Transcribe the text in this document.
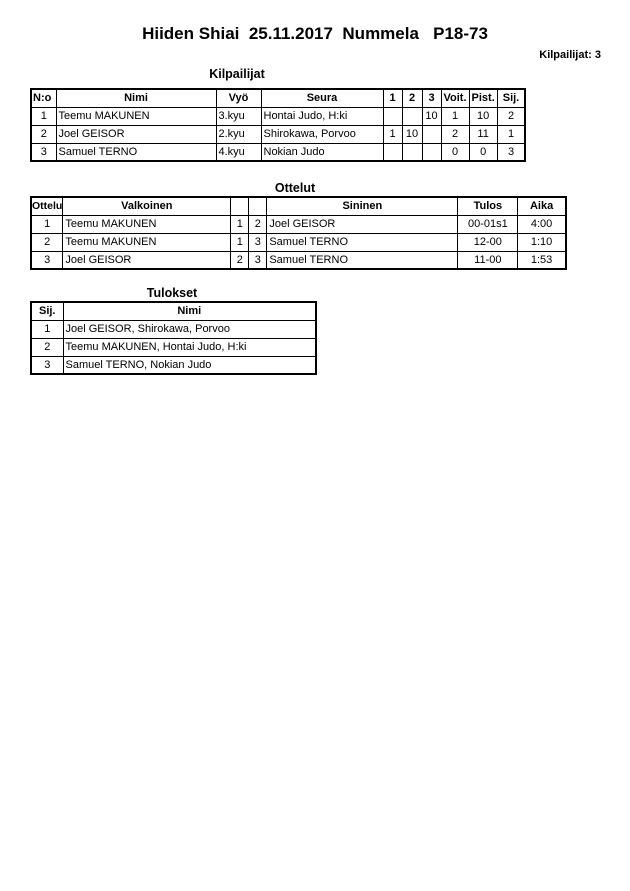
Hiiden Shiai  25.11.2017  Nummela   P18-73
Kilpailijat: 3
Kilpailijat
N:o	Nimi	Vyö	Seura	1	2	3	Voit.	Pist.	Sij.
1	Teemu MAKUNEN	3.kyu	Hontai Judo, H:ki			10	1	10	2
2	Joel GEISOR	2.kyu	Shirokawa, Porvoo	1	10		2	11	1
3	Samuel TERNO	4.kyu	Nokian Judo				0	0	3
Ottelut
Ottelu	Valkoinen			Sininen	Tulos	Aika
1	Teemu MAKUNEN	1	2	Joel GEISOR	00-01s1	4:00
2	Teemu MAKUNEN	1	3	Samuel TERNO	12-00	1:10
3	Joel GEISOR	2	3	Samuel TERNO	11-00	1:53
Tulokset
Sij.	Nimi
1	Joel GEISOR, Shirokawa, Porvoo
2	Teemu MAKUNEN, Hontai Judo, H:ki
3	Samuel TERNO, Nokian Judo
